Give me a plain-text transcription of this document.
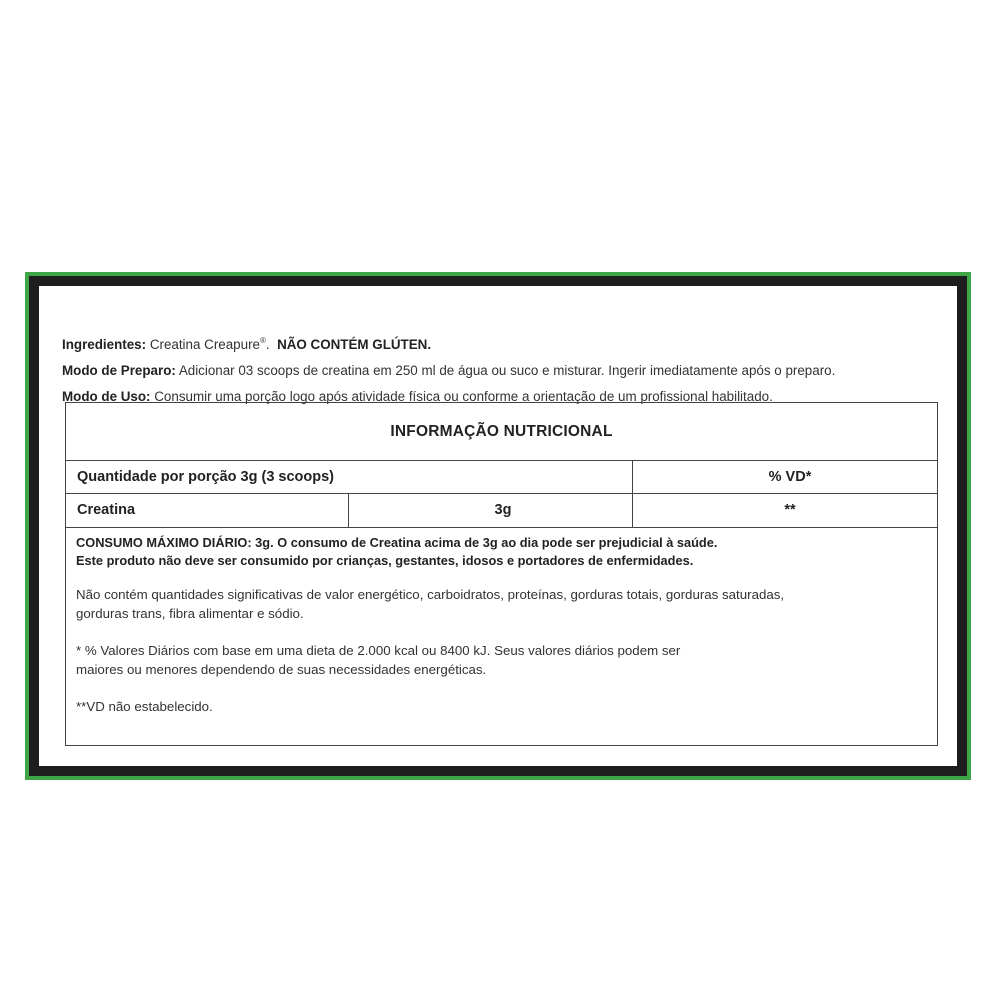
Ingredientes: Creatina Creapure®. NÃO CONTÉM GLÚTEN.
Modo de Preparo: Adicionar 03 scoops de creatina em 250 ml de água ou suco e misturar. Ingerir imediatamente após o preparo.
Modo de Uso: Consumir uma porção logo após atividade física ou conforme a orientação de um profissional habilitado.
INFORMAÇÃO NUTRICIONAL
Quantidade por porção 3g (3 scoops)	% VD*
Creatina	3g	**

CONSUMO MÁXIMO DIÁRIO: 3g. O consumo de Creatina acima de 3g ao dia pode ser prejudicial à saúde.

Este produto não deve ser consumido por crianças, gestantes, idosos e portadores de enfermidades.

Não contém quantidades significativas de valor energético, carboidratos, proteínas, gorduras totais, gorduras saturadas,

gorduras trans, fibra alimentar e sódio.

* % Valores Diários com base em uma dieta de 2.000 kcal ou 8400 kJ. Seus valores diários podem ser

maiores ou menores dependendo de suas necessidades energéticas.

**VD não estabelecido.
